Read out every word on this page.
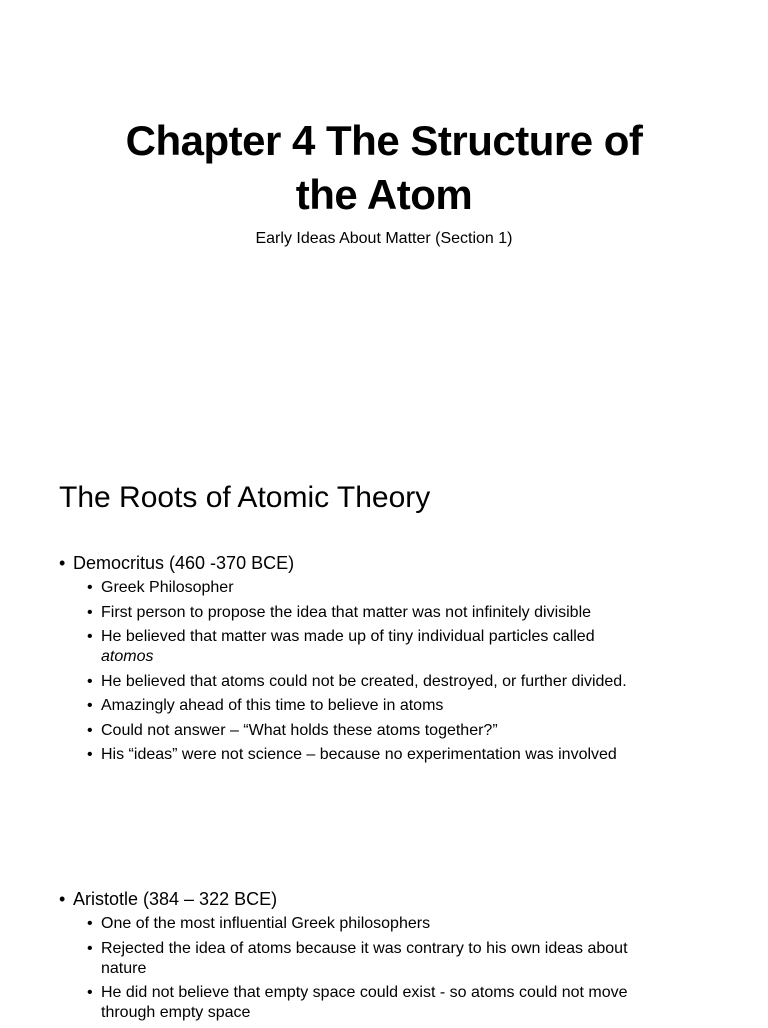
Chapter 4 The Structure of
the Atom
Early Ideas About Matter (Section 1)
The Roots of Atomic Theory
• Democritus (460 -370 BCE)
• Greek Philosopher
• First person to propose the idea that matter was not infinitely divisible
• He believed that matter was made up of tiny individual particles called
atomos
• He believed that atoms could not be created, destroyed, or further divided.
• Amazingly ahead of this time to believe in atoms
• Could not answer – “What holds these atoms together?”
• His “ideas” were not science – because no experimentation was involved
• Aristotle (384 – 322 BCE)
• One of the most influential Greek philosophers
• Rejected the idea of atoms because it was contrary to his own ideas about
nature
• He did not believe that empty space could exist - so atoms could not move
through empty space
